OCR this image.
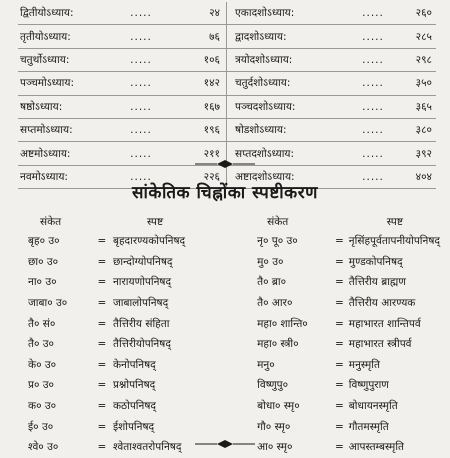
द्वितीयोऽध्याय:	.....	२४	एकादशोऽध्याय:	.....	२६०
तृतीयोऽध्याय:	.....	७६	द्वादशोऽध्याय:	.....	२८५
चतुर्थोऽध्याय:	.....	१०६	त्रयोदशोऽध्याय:	.....	२९८
पञ्चमोऽध्याय:	.....	१४२	चतुर्दशोऽध्याय:	.....	३५०
षष्ठोऽध्याय:	.....	१६७	पञ्चदशोऽध्याय:	.....	३६५
सप्तमोऽध्याय:	.....	१९६	षोडशोऽध्याय:	.....	३८०
अष्टमोऽध्याय:	.....	२११	सप्तदशोऽध्याय:	.....	३९२
नवमोऽध्याय:	.....	२२६	अष्टादशोऽध्याय:	.....	४०४
सांकेतिक चिह्नोंका स्पष्टीकरण
संकेत		स्पष्ट	संकेत		स्पष्ट
बृह० उ०	=	बृहदारण्यकोपनिषद्	नृ० पू० उ०	=	नृसिंहपूर्वतापनीयोपनिषद्
छा० उ०	=	छान्दोग्योपनिषद्	मु० उ०	=	मुण्डकोपनिषद्
ना० उ०	=	नारायणोपनिषद्	तै० ब्रा०	=	तैत्तिरीय ब्राह्मण
जाबा० उ०	=	जाबालोपनिषद्	तै० आर०	=	तैत्तिरीय आरण्यक
तै० सं०	=	तैत्तिरीय संहिता	महा० शान्ति०	=	महाभारत शान्तिपर्व
तै० उ०	=	तैत्तिरीयोपनिषद्	महा० स्त्री०	=	महाभारत स्त्रीपर्व
के० उ०	=	केनोपनिषद्	मनु०	=	मनुस्मृति
प्र० उ०	=	प्रश्नोपनिषद्	विष्णुपु०	=	विष्णुपुराण
क० उ०	=	कठोपनिषद्	बोधा० स्मृ०	=	बोधायनस्मृति
ई० उ०	=	ईशोपनिषद्	गौ० स्मृ०	=	गौतमस्मृति
श्वे० उ०	=	श्वेताश्वतरोपनिषद्	आ० स्मृ०	=	आपस्तम्बस्मृति
